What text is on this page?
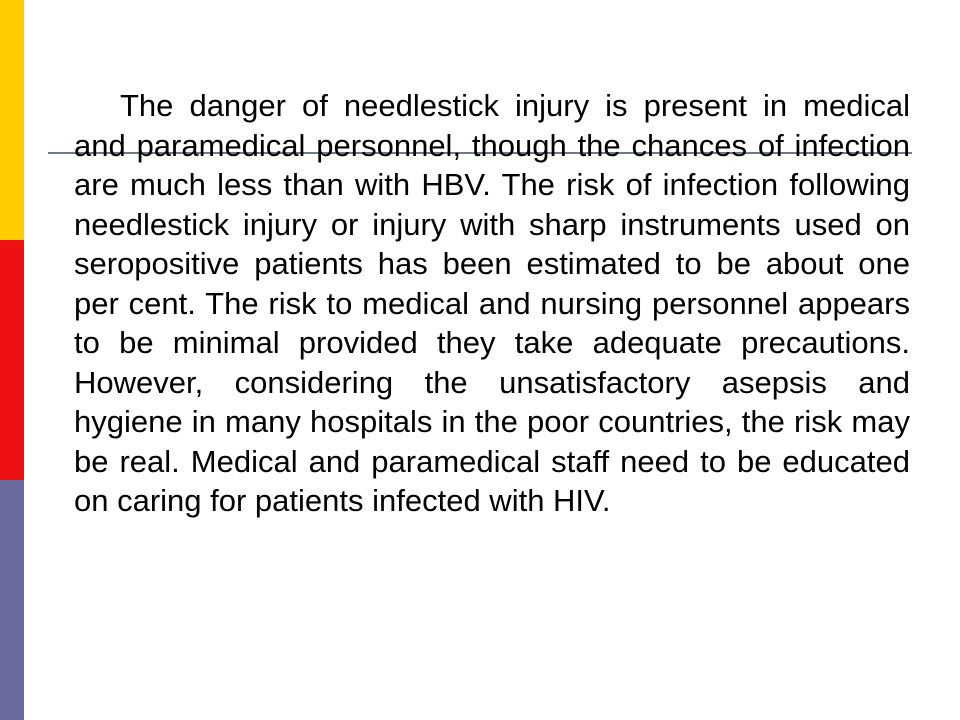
The danger of needlestick injury is present in medical and paramedical personnel, though the chances of infection are much less than with HBV. The risk of infection following needlestick injury or injury with sharp instruments used on seropositive patients has been estimated to be about one per cent. The risk to medical and nursing personnel appears to be minimal provided they take adequate precautions. However, considering the unsatisfactory asepsis and hygiene in many hospitals in the poor countries, the risk may be real. Medical and paramedical staff need to be educated on caring for patients infected with HIV.
